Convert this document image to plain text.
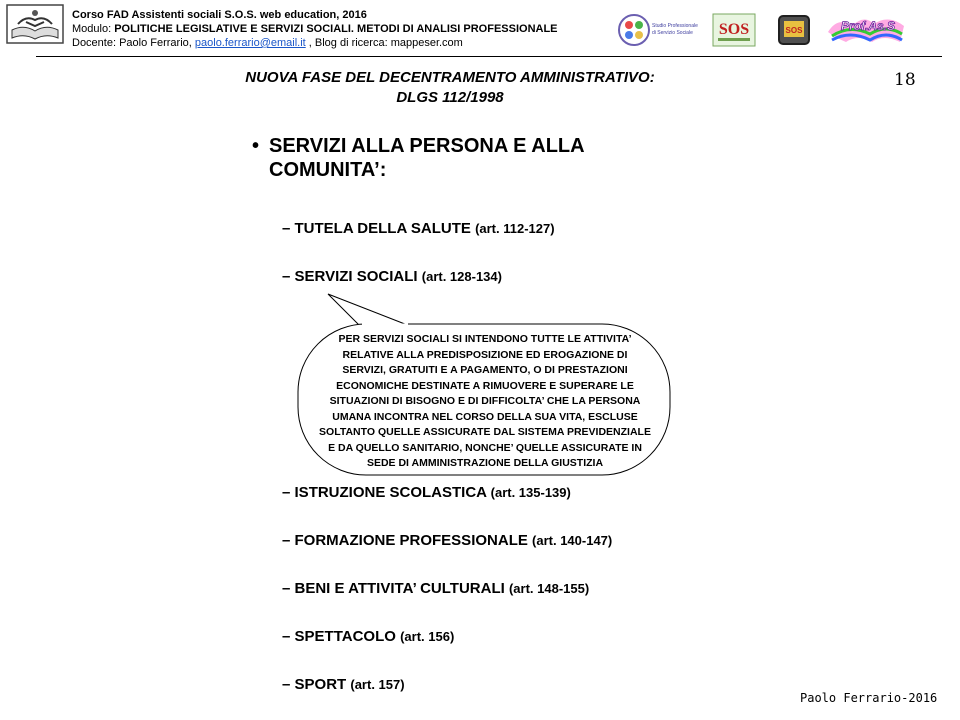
Corso FAD Assistenti sociali S.O.S. web education, 2016
Modulo: POLITICHE LEGISLATIVE E SERVIZI SOCIALI. METODI DI ANALISI PROFESSIONALE
Docente: Paolo Ferrario, paolo.ferrario@email.it , Blog di ricerca: mappeser.com
Studio Professionale
di Servizio Sociale SOS	SOS	Prof.As.S
NUOVA FASE DEL DECENTRAMENTO AMMINISTRATIVO:
DLGS 112/1998
18
• SERVIZI ALLA PERSONA E ALLA COMUNITA’:
– TUTELA DELLA SALUTE (art. 112-127)
– SERVIZI SOCIALI (art. 128-134)
PER SERVIZI SOCIALI SI INTENDONO TUTTE LE ATTIVITA’
RELATIVE ALLA PREDISPOSIZIONE ED EROGAZIONE DI
SERVIZI, GRATUITI E A PAGAMENTO, O DI PRESTAZIONI
ECONOMICHE DESTINATE A RIMUOVERE E SUPERARE LE
SITUAZIONI DI BISOGNO E DI DIFFICOLTA’ CHE LA PERSONA
UMANA INCONTRA NEL CORSO DELLA SUA VITA, ESCLUSE
SOLTANTO QUELLE ASSICURATE DAL SISTEMA PREVIDENZIALE
E DA QUELLO SANITARIO, NONCHE’ QUELLE ASSICURATE IN
SEDE DI AMMINISTRAZIONE DELLA GIUSTIZIA
– ISTRUZIONE SCOLASTICA (art. 135-139)
– FORMAZIONE PROFESSIONALE (art. 140-147)
– BENI E ATTIVITA’ CULTURALI (art. 148-155)
– SPETTACOLO (art. 156)
– SPORT (art. 157)
Paolo Ferrario-2016
